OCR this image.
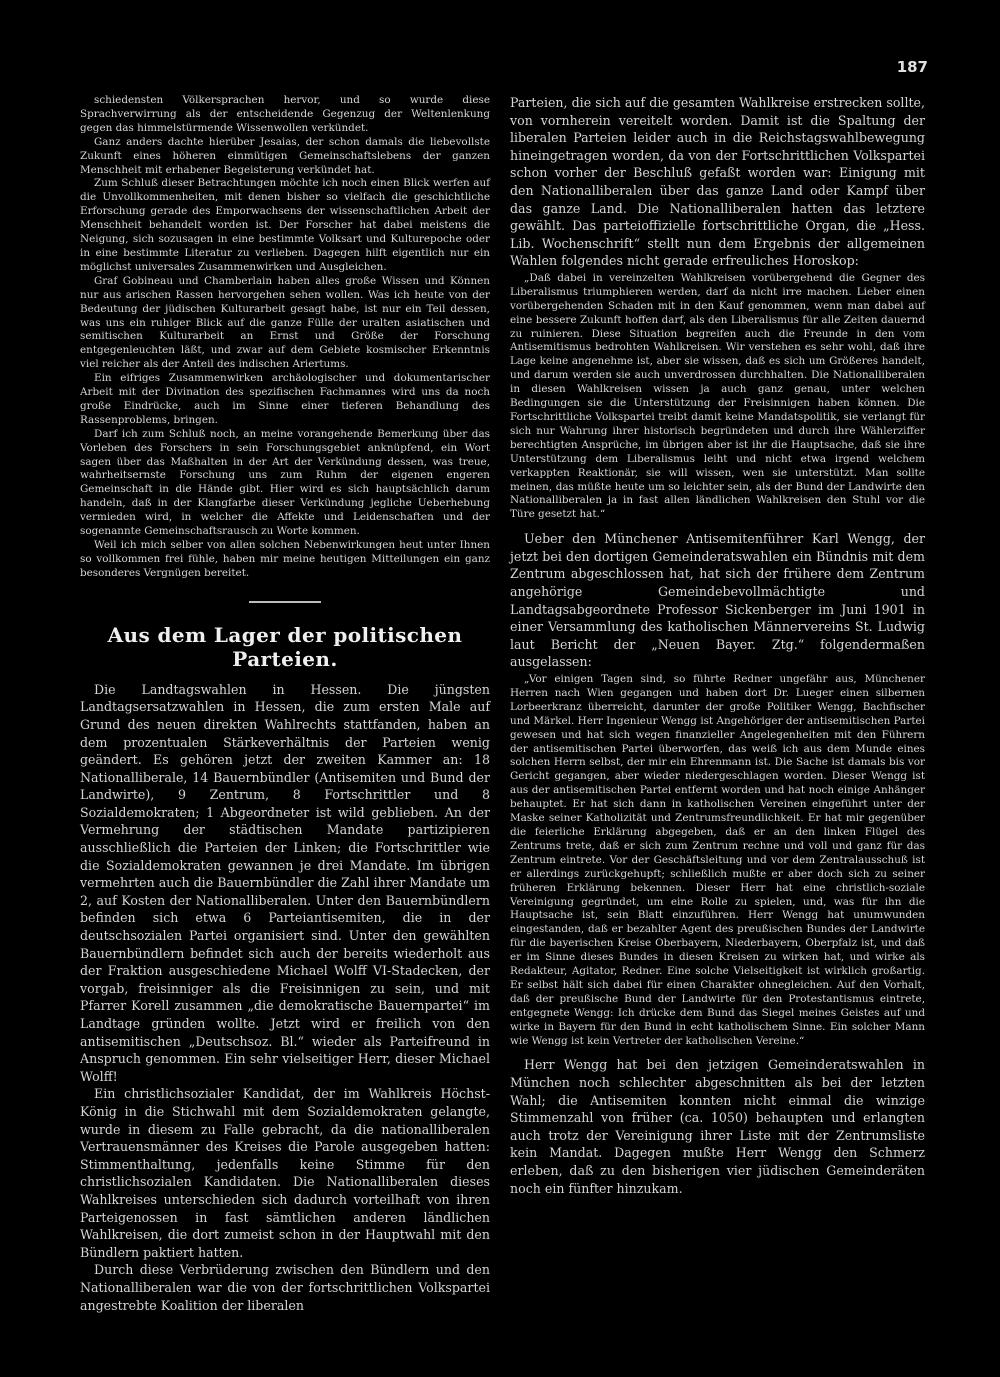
187

schiedensten Völkersprachen hervor, und so wurde diese Sprachverwirrung als der entscheidende Gegenzug der Weltenlenkung gegen das himmelstürmende Wissenwollen verkündet.

Ganz anders dachte hierüber Jesaias, der schon damals die liebevollste Zukunft eines höheren einmütigen Gemeinschaftslebens der ganzen Menschheit mit erhabener Begeisterung verkündet hat.

Zum Schluß dieser Betrachtungen möchte ich noch einen Blick werfen auf die Unvollkommenheiten, mit denen bisher so vielfach die geschichtliche Erforschung gerade des Emporwachsens der wissenschaftlichen Arbeit der Menschheit behandelt worden ist. Der Forscher hat dabei meistens die Neigung, sich sozusagen in eine bestimmte Volksart und Kulturepoche oder in eine bestimmte Literatur zu verlieben. Dagegen hilft eigentlich nur ein möglichst universales Zusammenwirken und Ausgleichen.

Graf Gobineau und Chamberlain haben alles große Wissen und Können nur aus arischen Rassen hervorgehen sehen wollen. Was ich heute von der Bedeutung der jüdischen Kulturarbeit gesagt habe, ist nur ein Teil dessen, was uns ein ruhiger Blick auf die ganze Fülle der uralten asiatischen und semitischen Kulturarbeit an Ernst und Größe der Forschung entgegenleuchten läßt, und zwar auf dem Gebiete kosmischer Erkenntnis viel reicher als der Anteil des indischen Ariertums.

Ein eifriges Zusammenwirken archäologischer und dokumentarischer Arbeit mit der Divination des spezifischen Fachmannes wird uns da noch große Eindrücke, auch im Sinne einer tieferen Behandlung des Rassenproblems, bringen.

Darf ich zum Schluß noch, an meine vorangehende Bemerkung über das Vorleben des Forschers in sein Forschungsgebiet anknüpfend, ein Wort sagen über das Maßhalten in der Art der Verkündung dessen, was treue, wahrheitsernste Forschung uns zum Ruhm der eigenen engeren Gemeinschaft in die Hände gibt. Hier wird es sich hauptsächlich darum handeln, daß in der Klangfarbe dieser Verkündung jegliche Ueberhebung vermieden wird, in welcher die Affekte und Leidenschaften und der sogenannte Gemeinschaftsrausch zu Worte kommen.

Weil ich mich selber von allen solchen Nebenwirkungen heut unter Ihnen so vollkommen frei fühle, haben mir meine heutigen Mitteilungen ein ganz besonderes Vergnügen bereitet.

Aus dem Lager der politischen Parteien.

Die Landtagswahlen in Hessen. Die jüngsten Landtagsersatzwahlen in Hessen, die zum ersten Male auf Grund des neuen direkten Wahlrechts stattfanden, haben an dem prozentualen Stärkeverhältnis der Parteien wenig geändert. Es gehören jetzt der zweiten Kammer an: 18 Nationalliberale, 14 Bauernbündler (Antisemiten und Bund der Landwirte), 9 Zentrum, 8 Fortschrittler und 8 Sozialdemokraten; 1 Abgeordneter ist wild geblieben. An der Vermehrung der städtischen Mandate partizipieren ausschließlich die Parteien der Linken; die Fortschrittler wie die Sozialdemokraten gewannen je drei Mandate. Im übrigen vermehrten auch die Bauernbündler die Zahl ihrer Mandate um 2, auf Kosten der Nationalliberalen. Unter den Bauernbündlern befinden sich etwa 6 Parteiantisemiten, die in der deutschsozialen Partei organisiert sind. Unter den gewählten Bauernbündlern befindet sich auch der bereits wiederholt aus der Fraktion ausgeschiedene Michael Wolff VI-Stadecken, der vorgab, freisinniger als die Freisinnigen zu sein, und mit Pfarrer Korell zusammen „die demokratische Bauernpartei“ im Landtage gründen wollte. Jetzt wird er freilich von den antisemitischen „Deutschsoz. Bl.“ wieder als Parteifreund in Anspruch genommen. Ein sehr vielseitiger Herr, dieser Michael Wolff!

Ein christlichsozialer Kandidat, der im Wahlkreis Höchst-König in die Stichwahl mit dem Sozialdemokraten gelangte, wurde in diesem zu Falle gebracht, da die nationalliberalen Vertrauensmänner des Kreises die Parole ausgegeben hatten: Stimmenthaltung, jedenfalls keine Stimme für den christlichsozialen Kandidaten. Die Nationalliberalen dieses Wahlkreises unterschieden sich dadurch vorteilhaft von ihren Parteigenossen in fast sämtlichen anderen ländlichen Wahlkreisen, die dort zumeist schon in der Hauptwahl mit den Bündlern paktiert hatten.

Durch diese Verbrüderung zwischen den Bündlern und den Nationalliberalen war die von der fortschrittlichen Volkspartei angestrebte Koalition der liberalen

Parteien, die sich auf die gesamten Wahlkreise erstrecken sollte, von vornherein vereitelt worden. Damit ist die Spaltung der liberalen Parteien leider auch in die Reichstagswahlbewegung hineingetragen worden, da von der Fortschrittlichen Volkspartei schon vorher der Beschluß gefaßt worden war: Einigung mit den Nationalliberalen über das ganze Land oder Kampf über das ganze Land. Die Nationalliberalen hatten das letztere gewählt. Das parteioffizielle fortschrittliche Organ, die „Hess. Lib. Wochenschrift“ stellt nun dem Ergebnis der allgemeinen Wahlen folgendes nicht gerade erfreuliches Horoskop:

„Daß dabei in vereinzelten Wahlkreisen vorübergehend die Gegner des Liberalismus triumphieren werden, darf da nicht irre machen. Lieber einen vorübergehenden Schaden mit in den Kauf genommen, wenn man dabei auf eine bessere Zukunft hoffen darf, als den Liberalismus für alle Zeiten dauernd zu ruinieren. Diese Situation begreifen auch die Freunde in den vom Antisemitismus bedrohten Wahlkreisen. Wir verstehen es sehr wohl, daß ihre Lage keine angenehme ist, aber sie wissen, daß es sich um Größeres handelt, und darum werden sie auch unverdrossen durchhalten. Die Nationalliberalen in diesen Wahlkreisen wissen ja auch ganz genau, unter welchen Bedingungen sie die Unterstützung der Freisinnigen haben können. Die Fortschrittliche Volkspartei treibt damit keine Mandatspolitik, sie verlangt für sich nur Wahrung ihrer historisch begründeten und durch ihre Wählerziffer berechtigten Ansprüche, im übrigen aber ist ihr die Hauptsache, daß sie ihre Unterstützung dem Liberalismus leiht und nicht etwa irgend welchem verkappten Reaktionär, sie will wissen, wen sie unterstützt. Man sollte meinen, das müßte heute um so leichter sein, als der Bund der Landwirte den Nationalliberalen ja in fast allen ländlichen Wahlkreisen den Stuhl vor die Türe gesetzt hat.“

Ueber den Münchener Antisemitenführer Karl Wengg, der jetzt bei den dortigen Gemeinderatswahlen ein Bündnis mit dem Zentrum abgeschlossen hat, hat sich der frühere dem Zentrum angehörige Gemeindebevollmächtigte und Landtagsabgeordnete Professor Sickenberger im Juni 1901 in einer Versammlung des katholischen Männervereins St. Ludwig laut Bericht der „Neuen Bayer. Ztg.“ folgendermaßen ausgelassen:

„Vor einigen Tagen sind, so führte Redner ungefähr aus, Münchener Herren nach Wien gegangen und haben dort Dr. Lueger einen silbernen Lorbeerkranz überreicht, darunter der große Politiker Wengg, Bachfischer und Märkel. Herr Ingenieur Wengg ist Angehöriger der antisemitischen Partei gewesen und hat sich wegen finanzieller Angelegenheiten mit den Führern der antisemitischen Partei überworfen, das weiß ich aus dem Munde eines solchen Herrn selbst, der mir ein Ehrenmann ist. Die Sache ist damals bis vor Gericht gegangen, aber wieder niedergeschlagen worden. Dieser Wengg ist aus der antisemitischen Partei entfernt worden und hat noch einige Anhänger behauptet. Er hat sich dann in katholischen Vereinen eingeführt unter der Maske seiner Katholizität und Zentrumsfreundlichkeit. Er hat mir gegenüber die feierliche Erklärung abgegeben, daß er an den linken Flügel des Zentrums trete, daß er sich zum Zentrum rechne und voll und ganz für das Zentrum eintrete. Vor der Geschäftsleitung und vor dem Zentralausschuß ist er allerdings zurückgehupft; schließlich mußte er aber doch sich zu seiner früheren Erklärung bekennen. Dieser Herr hat eine christlich-soziale Vereinigung gegründet, um eine Rolle zu spielen, und, was für ihn die Hauptsache ist, sein Blatt einzuführen. Herr Wengg hat unumwunden eingestanden, daß er bezahlter Agent des preußischen Bundes der Landwirte für die bayerischen Kreise Oberbayern, Niederbayern, Oberpfalz ist, und daß er im Sinne dieses Bundes in diesen Kreisen zu wirken hat, und wirke als Redakteur, Agitator, Redner. Eine solche Vielseitigkeit ist wirklich großartig. Er selbst hält sich dabei für einen Charakter ohnegleichen. Auf den Vorhalt, daß der preußische Bund der Landwirte für den Protestantismus eintrete, entgegnete Wengg: Ich drücke dem Bund das Siegel meines Geistes auf und wirke in Bayern für den Bund in echt katholischem Sinne. Ein solcher Mann wie Wengg ist kein Vertreter der katholischen Vereine.“

Herr Wengg hat bei den jetzigen Gemeinderatswahlen in München noch schlechter abgeschnitten als bei der letzten Wahl; die Antisemiten konnten nicht einmal die winzige Stimmenzahl von früher (ca. 1050) behaupten und erlangten auch trotz der Vereinigung ihrer Liste mit der Zentrumsliste kein Mandat. Dagegen mußte Herr Wengg den Schmerz erleben, daß zu den bisherigen vier jüdischen Gemeinderäten noch ein fünfter hinzukam.
